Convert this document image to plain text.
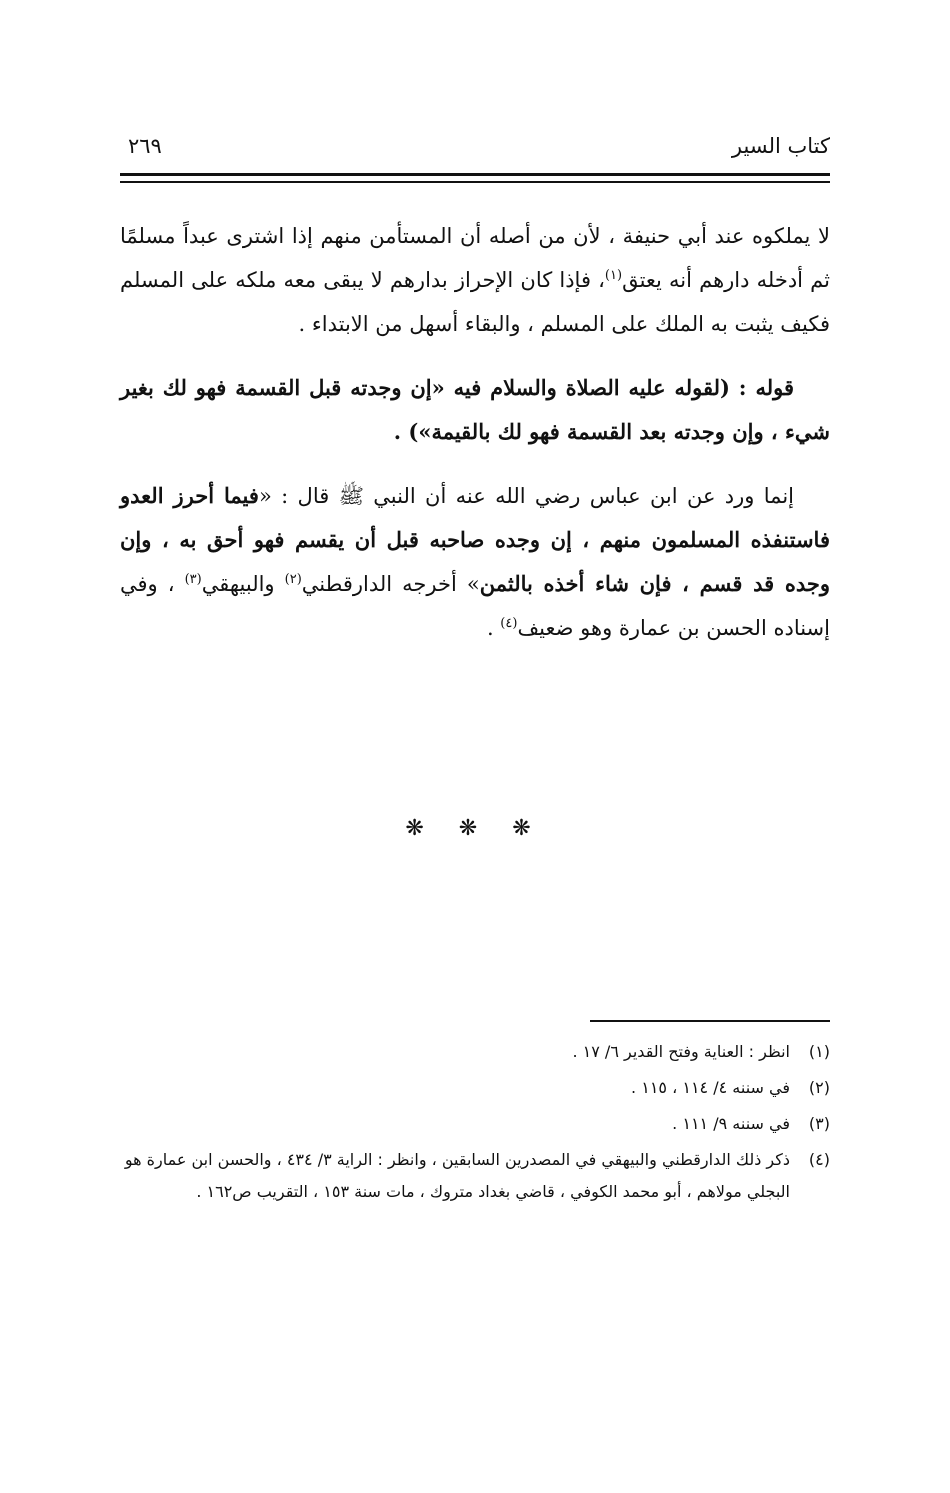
كتاب السير
٢٦٩

لا يملكوه عند أبي حنيفة ، لأن من أصله أن المستأمن منهم إذا اشترى عبداً مسلمًا ثم أدخله دارهم أنه يعتق$^{(١)}$، فإذا كان الإحراز بدارهم لا يبقى معه ملكه على المسلم فكيف يثبت به الملك على المسلم ، والبقاء أسهل من الابتداء .

قوله : (لقوله عليه الصلاة والسلام فيه «إن وجدته قبل القسمة فهو لك بغير شيء ، وإن وجدته بعد القسمة فهو لك بالقيمة») .

إنما ورد عن ابن عباس رضي الله عنه أن النبي ﷺ قال : «فيما أحرز العدو فاستنفذه المسلمون منهم ، إن وجده صاحبه قبل أن يقسم فهو أحق به ، وإن وجده قد قسم ، فإن شاء أخذه بالثمن» أخرجه الدارقطني$^{(٢)}$ والبيهقي$^{(٣)}$ ، وفي إسناده الحسن بن عمارة وهو ضعيف$^{(٤)}$ .

❋ ❋ ❋
(١)
انظر : العناية وفتح القدير ٦/ ١٧ .
(٢)
في سننه ٤/ ١١٤ ، ١١٥ .
(٣)
في سننه ٩/ ١١١ .
(٤)
ذكر ذلك الدارقطني والبيهقي في المصدرين السابقين ، وانظر : الراية ٣/ ٤٣٤ ، والحسن ابن عمارة هو البجلي مولاهم ، أبو محمد الكوفي ، قاضي بغداد متروك ، مات سنة ١٥٣ ، التقريب ص١٦٢ .
